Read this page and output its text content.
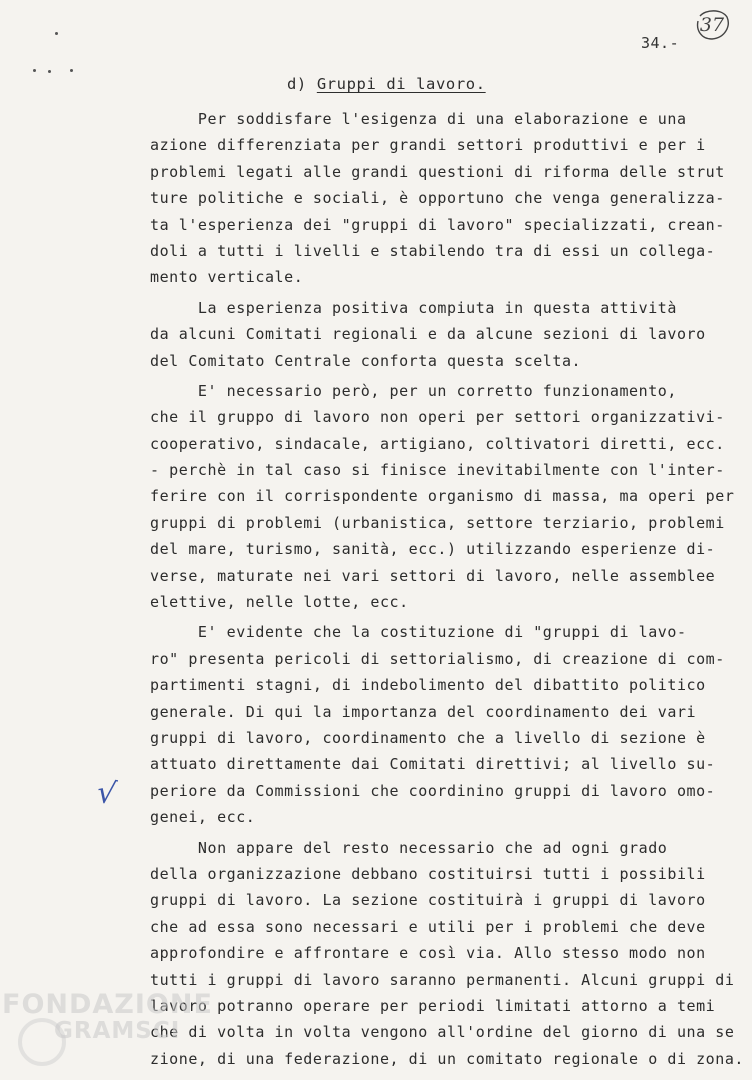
34.-
37
d) Gruppi di lavoro.
Per soddisfare l'esigenza di una elaborazione e una
azione differenziata per grandi settori produttivi e per i
problemi legati alle grandi questioni di riforma delle strut
ture politiche e sociali, è opportuno che venga generalizza-
ta l'esperienza dei "gruppi di lavoro" specializzati, crean-
doli a tutti i livelli e stabilendo tra di essi un collega-
mento verticale.
La esperienza positiva compiuta in questa attività
da alcuni Comitati regionali e da alcune sezioni di lavoro
del Comitato Centrale conforta questa scelta.
E' necessario però, per un corretto funzionamento,
che il gruppo di lavoro non operi per settori organizzativi-
cooperativo, sindacale, artigiano, coltivatori diretti, ecc.
- perchè in tal caso si finisce inevitabilmente con l'inter-
ferire con il corrispondente organismo di massa, ma operi per
gruppi di problemi (urbanistica, settore terziario, problemi
del mare, turismo, sanità, ecc.) utilizzando esperienze di-
verse, maturate nei vari settori di lavoro, nelle assemblee
elettive, nelle lotte, ecc.
E' evidente che la costituzione di "gruppi di lavo-
ro" presenta pericoli di settorialismo, di creazione di com-
partimenti stagni, di indebolimento del dibattito politico
generale. Di qui la importanza del coordinamento dei vari
gruppi di lavoro, coordinamento che a livello di sezione è
attuato direttamente dai Comitati direttivi; al livello su-
periore da Commissioni che coordinino gruppi di lavoro omo-
genei, ecc.
Non appare del resto necessario che ad ogni grado
della organizzazione debbano costituirsi tutti i possibili
gruppi di lavoro. La sezione costituirà i gruppi di lavoro
che ad essa sono necessari e utili per i problemi che deve
approfondire e affrontare e così via. Allo stesso modo non
tutti i gruppi di lavoro saranno permanenti. Alcuni gruppi di
lavoro potranno operare per periodi limitati attorno a temi
che di volta in volta vengono all'ordine del giorno di una se
zione, di una federazione, di un comitato regionale o di zona.
√
FONDAZIONE
GRAMSCI
